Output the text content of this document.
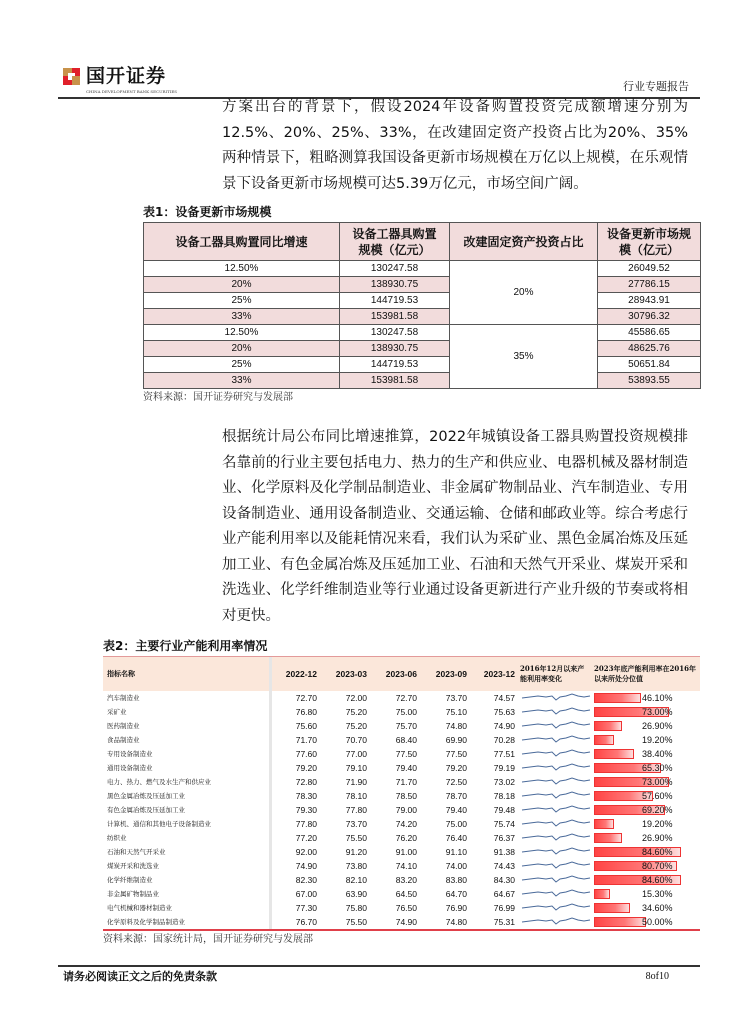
国开证券
CHINA DEVELOPMENT BANK SECURITIES	行业专题报告
方案出台的背景下，假设2024年设备购置投资完成额增速分别为12.5%、20%、25%、33%，在改建固定资产投资占比为20%、35%两种情景下，粗略测算我国设备更新市场规模在万亿以上规模，在乐观情景下设备更新市场规模可达5.39万亿元，市场空间广阔。
表1：设备更新市场规模
设备工器具购置同比增速	设备工器具购置规模（亿元）	改建固定资产投资占比	设备更新市场规模（亿元）
12.50%	130247.58	20%	26049.52
20%	138930.75		27786.15
25%	144719.53		28943.91
33%	153981.58		30796.32
12.50%	130247.58	35%	45586.65
20%	138930.75		48625.76
25%	144719.53		50651.84
33%	153981.58		53893.55
资料来源：国开证券研究与发展部
根据统计局公布同比增速推算，2022年城镇设备工器具购置投资规模排名靠前的行业主要包括电力、热力的生产和供应业、电器机械及器材制造业、化学原料及化学制品制造业、非金属矿物制品业、汽车制造业、专用设备制造业、通用设备制造业、交通运输、仓储和邮政业等。综合考虑行业产能利用率以及能耗情况来看，我们认为采矿业、黑色金属冶炼及压延加工业、有色金属冶炼及压延加工业、石油和天然气开采业、煤炭开采和洗选业、化学纤维制造业等行业通过设备更新进行产业升级的节奏或将相对更快。
表2：主要行业产能利用率情况
指标名称	2022-12	2023-03	2023-06	2023-09	2023-12	2016年12月以来产能利用率变化	2023年底产能利用率在2016年以来所处分位值
汽车制造业	72.70	72.00	72.70	73.70	74.57		46.10%

采矿业	76.80	75.20	75.00	75.10	75.63		73.00%

医药制造业	75.60	75.20	75.70	74.80	74.90		26.90%

食品制造业	71.70	70.70	68.40	69.90	70.28		19.20%

专用设备制造业	77.60	77.00	77.50	77.50	77.51		38.40%

通用设备制造业	79.20	79.10	79.40	79.20	79.19		65.30%

电力、热力、燃气及水生产和供应业	72.80	71.90	71.70	72.50	73.02		73.00%

黑色金属冶炼及压延加工业	78.30	78.10	78.50	78.70	78.18		57.60%

有色金属冶炼及压延加工业	79.30	77.80	79.00	79.40	79.48		69.20%

计算机、通信和其他电子设备制造业	77.80	73.70	74.20	75.00	75.74		19.20%

纺织业	77.20	75.50	76.20	76.40	76.37		26.90%

石油和天然气开采业	92.00	91.20	91.00	91.10	91.38		84.60%

煤炭开采和洗选业	74.90	73.80	74.10	74.00	74.43		80.70%

化学纤维制造业	82.30	82.10	83.20	83.80	84.30		84.60%

非金属矿物制品业	67.00	63.90	64.50	64.70	64.67		15.30%

电气机械和器材制造业	77.30	75.80	76.50	76.90	76.99		34.60%

化学原料及化学制品制造业	76.70	75.50	74.90	74.80	75.31		50.00%
资料来源：国家统计局，国开证券研究与发展部
请务必阅读正文之后的免责条款	8of10
